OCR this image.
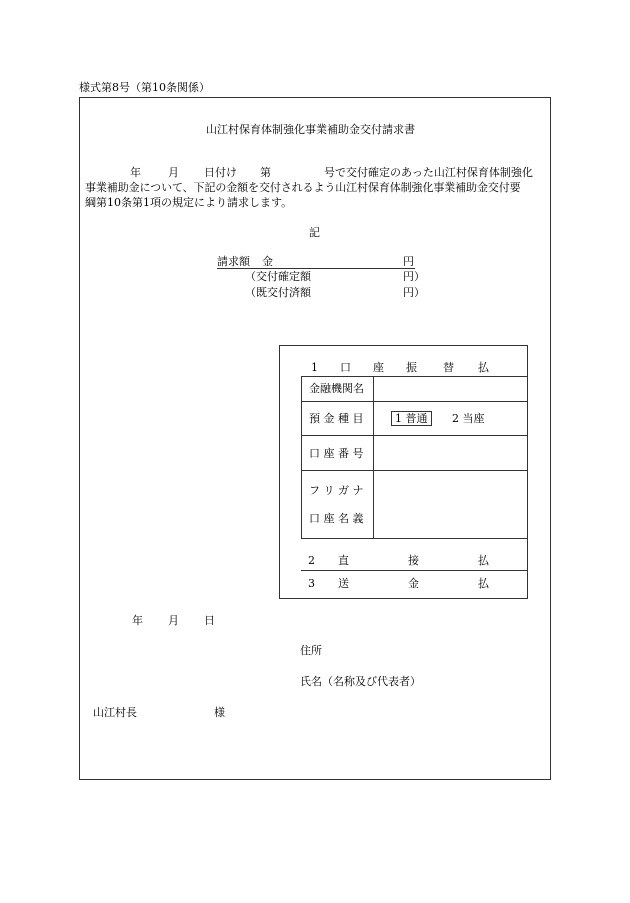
様式第8号（第10条関係）
山江村保育体制強化事業補助金交付請求書
年 月 日付け 第	号で交付確定のあった山江村保育体制強化
事業補助金について、下記の金額を交付されるよう山江村保育体制強化事業補助金交付要
綱第10条第1項の規定により請求します。
記
請求額 金	円
（交付確定額	円）
（既交付済額	円）
1 口 座 振 替 払
金融機関名
預 金 種 目	1 普通	2 当座
口 座 番 号
フ リ ガ ナ
口 座 名 義
2 直	接	払
3 送	金	払
年 月 日
住所
氏名（名称及び代表者）
山江村長	様
